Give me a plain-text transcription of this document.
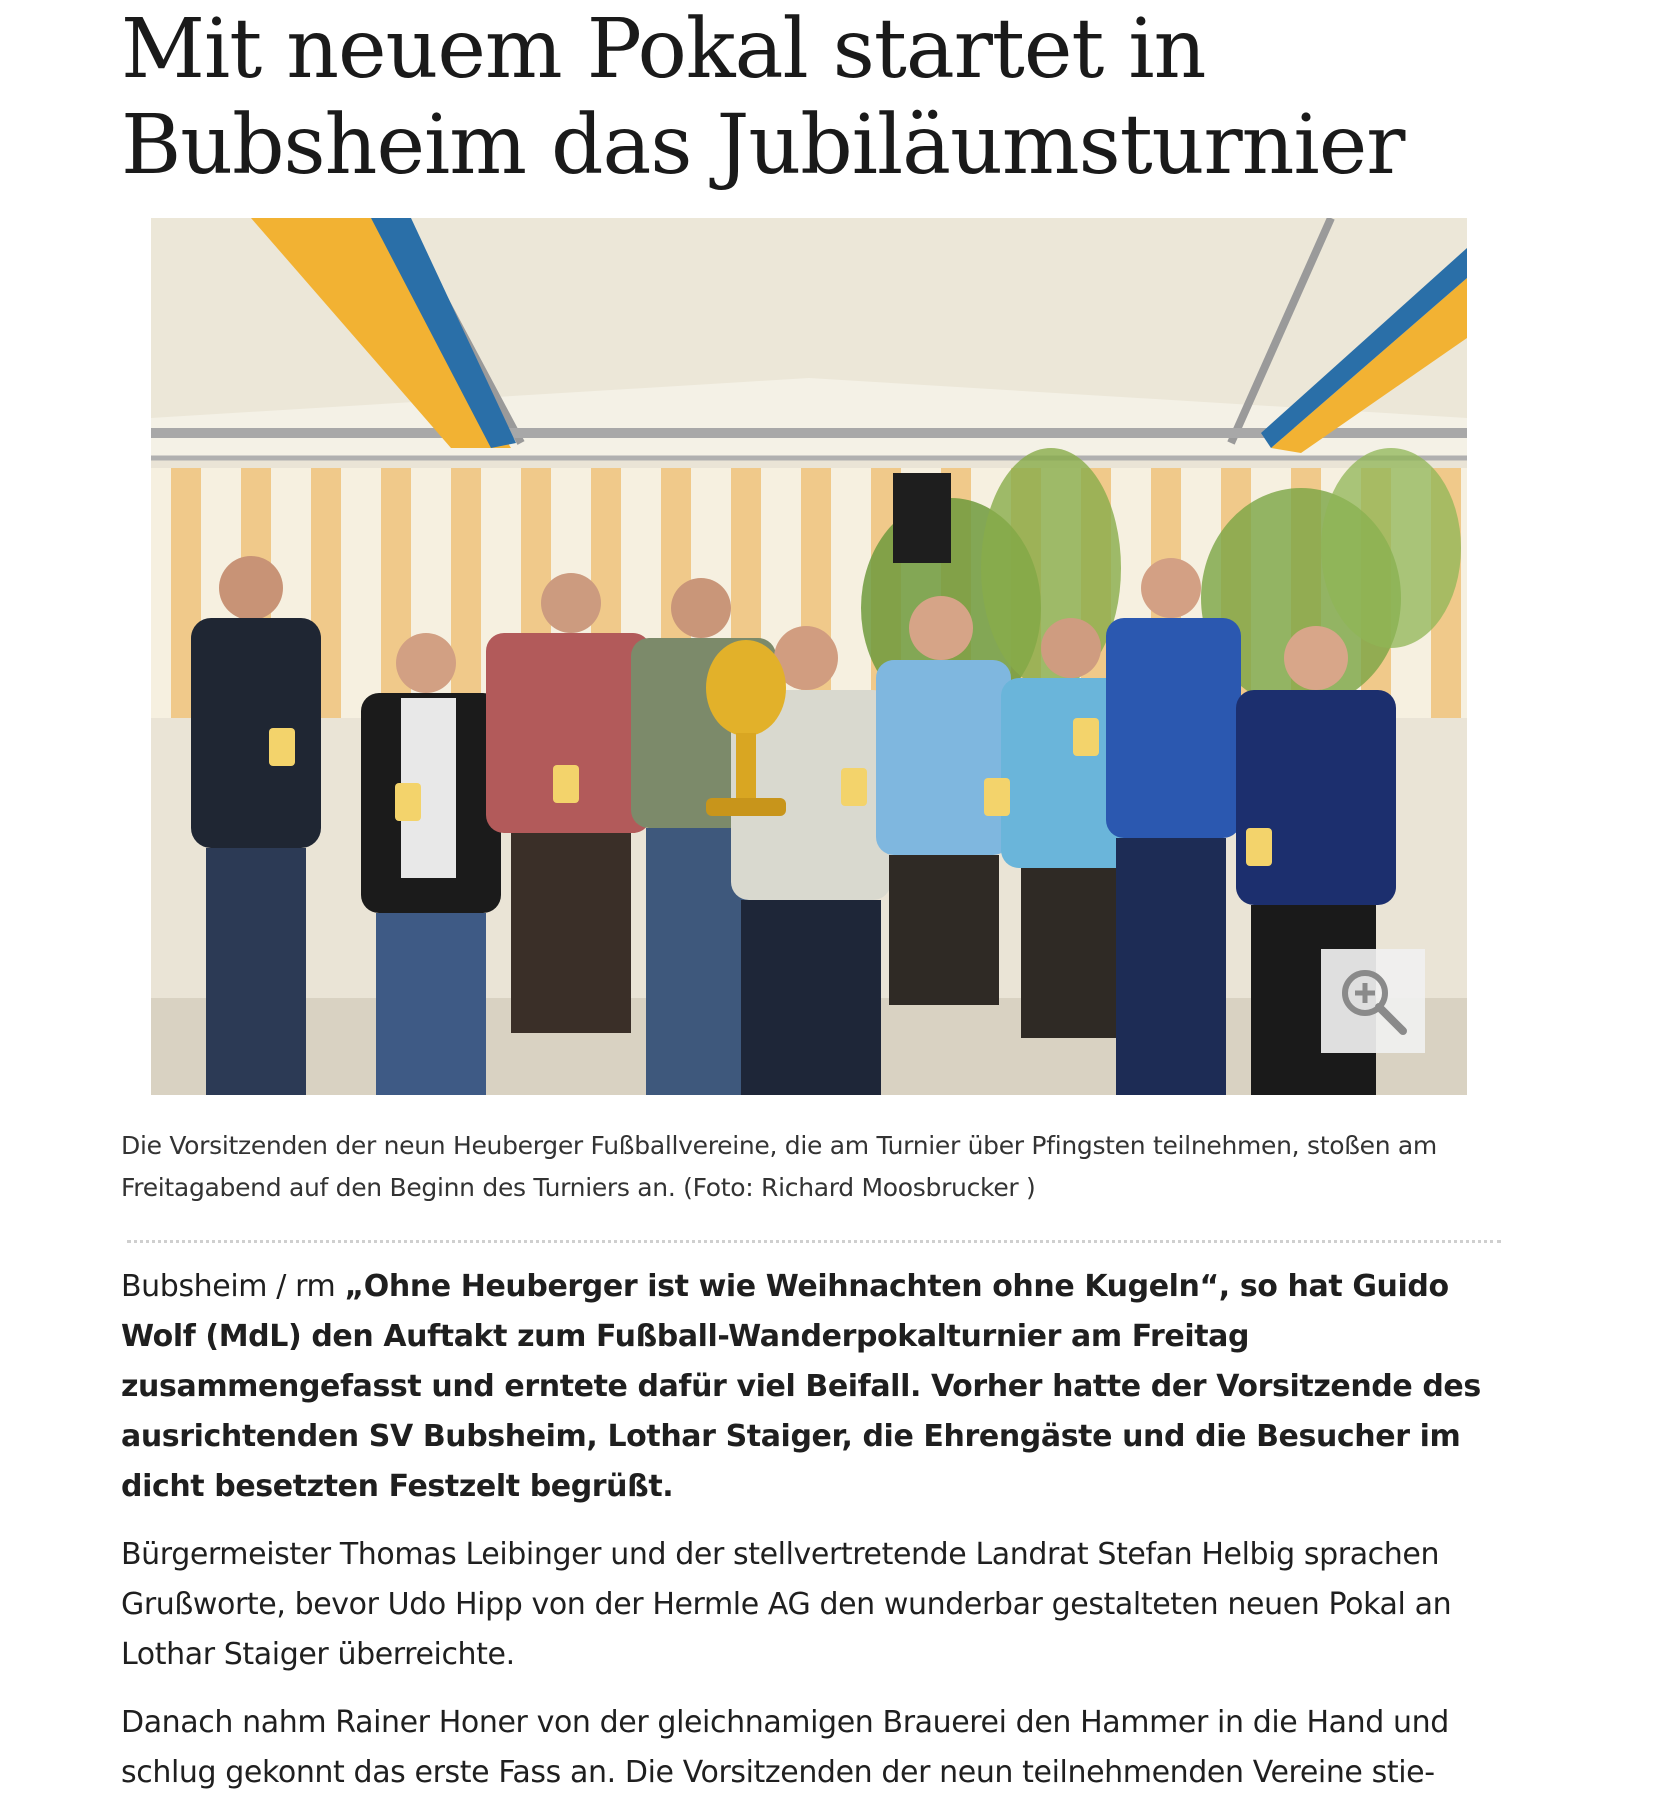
Mit neuem Pokal startet in
Bubsheim das Jubiläumsturnier

Die Vorsitzenden der neun Heuberger Fußballvereine, die am Turnier über Pfingsten teilnehmen, stoßen am Freitagabend auf den Beginn des Turniers an. (Foto: Richard Moosbrucker )

Bubsheim / rm „Ohne Heuberger ist wie Weihnachten ohne Kugeln“, so hat Guido Wolf (MdL) den Auftakt zum Fußball-Wanderpokalturnier am Freitag zusammengefasst und erntete dafür viel Beifall. Vorher hatte der Vorsitzende des ausrichtenden SV Bubsheim, Lothar Staiger, die Ehrengäste und die Besucher im dicht besetzten Festzelt begrüßt.

Bürgermeister Thomas Leibinger und der stellvertretende Landrat Stefan Helbig sprachen Grußworte, bevor Udo Hipp von der Hermle AG den wunderbar gestalteten neuen Pokal an Lothar Staiger überreichte.

Danach nahm Rainer Honer von der gleichnamigen Brauerei den Hammer in die Hand und schlug gekonnt das erste Fass an. Die Vorsitzenden der neun teilnehmenden Vereine stie-
